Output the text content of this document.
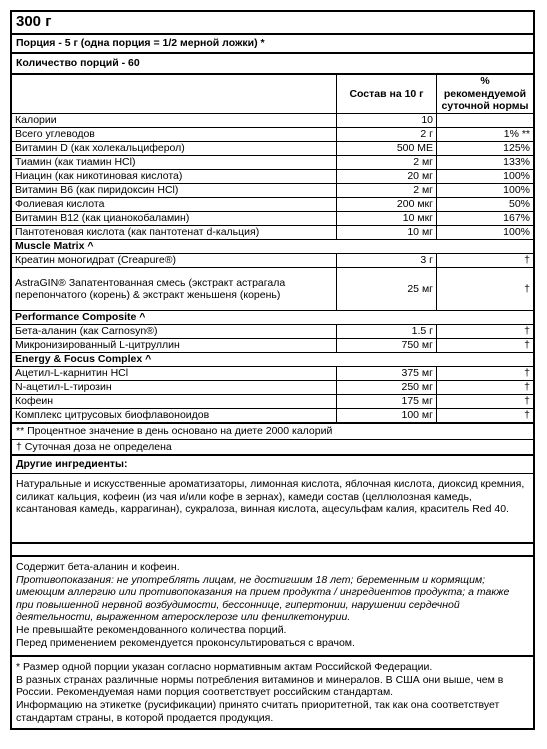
300 г
Порция - 5 г (одна порция = 1/2 мерной ложки) *
Количество порций - 60
	Состав на 10 г	% рекомендуемой суточной нормы
Калории	10	
Всего углеводов	2 г	1% **
Витамин D (как холекальциферол)	500 МЕ	125%
Тиамин (как тиамин HCl)	2 мг	133%
Ниацин (как никотиновая кислота)	20 мг	100%
Витамин B6 (как пиридоксин HCl)	2 мг	100%
Фолиевая кислота	200 мкг	50%
Витамин B12 (как цианокобаламин)	10 мкг	167%
Пантотеновая кислота (как пантотенат d-кальция)	10 мг	100%
Muscle Matrix ^		
Креатин моногидрат (Creapure®)	3 г	†
AstraGIN® Запатентованная смесь (экстракт астрагала перепончатого (корень) & экстракт женьшеня (корень)	25 мг	†
Performance Composite ^		
Бета-аланин (как Carnosyn®)	1.5 г	†
Микронизированный L-цитруллин	750 мг	†
Energy & Focus Complex ^		
Ацетил-L-карнитин HCl	375 мг	†
N-ацетил-L-тирозин	250 мг	†
Кофеин	175 мг	†
Комплекс цитрусовых биофлавоноидов	100 мг	†
** Процентное значение в день основано на диете 2000 калорий
† Суточная доза не определена
Другие ингредиенты:
Натуральные и искусственные ароматизаторы, лимонная кислота, яблочная кислота, диоксид кремния, силикат кальция, кофеин (из чая и/или кофе в зернах), камеди состав (целлюлозная камедь, ксантановая камедь, каррагинан), сукралоза, винная кислота, ацесульфам калия, краситель Red 40.

Содержит бета-аланин и кофеин.

Противопоказания: не употреблять лицам, не достигшим 18 лет; беременным и кормящим; имеющим аллергию или противопоказания на прием продукта / ингредиентов продукта; а также при повышенной нервной возбудимости, бессоннице, гипертонии, нарушении сердечной деятельности, выраженном атеросклерозе или фенилкетонурии.

Не превышайте рекомендованного количества порций.

Перед применением рекомендуется проконсультироваться с врачом.

* Размер одной порции указан согласно нормативным актам Российской Федерации.

В разных странах различные нормы потребления витаминов и минералов. В США они выше, чем в России. Рекомендуемая нами порция соответствует российским стандартам.

Информацию на этикетке (русификации) принято считать приоритетной, так как она соответствует стандартам страны, в которой продается продукция.
